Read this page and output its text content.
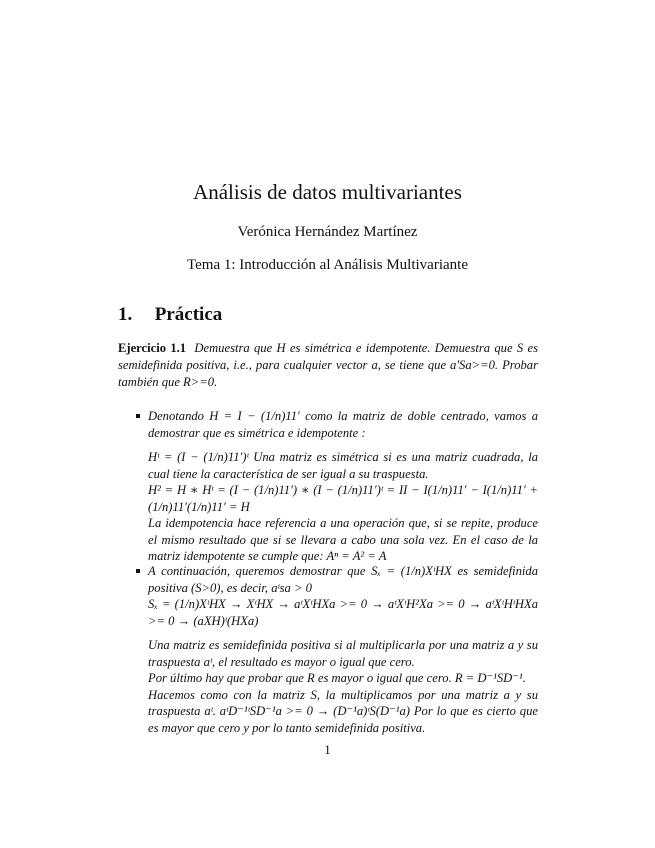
Análisis de datos multivariantes
Verónica Hernández Martínez
Tema 1: Introducción al Análisis Multivariante
1. Práctica
Ejercicio 1.1 Demuestra que H es simétrica e idempotente. Demuestra que S es semidefinida positiva, i.e., para cualquier vector a, se tiene que a'Sa>=0. Probar también que R>=0.

Denotando H = I − (1/n)11′ como la matriz de doble centrado, vamos a demostrar que es simétrica e idempotente :

Hᵗ = (I − (1/n)11′)ᵗ Una matriz es simétrica si es una matriz cuadrada, la cual tiene la característica de ser igual a su traspuesta.

H² = H ∗ Hᵗ = (I − (1/n)11′) ∗ (I − (1/n)11′)ᵗ = II − I(1/n)11′ − I(1/n)11′ + (1/n)11′(1/n)11′ = H

La idempotencia hace referencia a una operación que, si se repite, produce el mismo resultado que si se llevara a cabo una sola vez. En el caso de la matriz idempotente se cumple que: Aⁿ = A² = A

A continuación, queremos demostrar que Sₓ = (1/n)XᵗHX es semidefinida positiva (S>0), es decir, aᵗsa > 0

Sₓ = (1/n)XᵗHX → XᵗHX → aᵗXᵗHXa >= 0 → aᵗXᵗH²Xa >= 0 → aᵗXᵗHᵗHXa >= 0 → (aXH)ᵗ(HXa)

Una matriz es semidefinida positiva si al multiplicarla por una matriz a y su traspuesta aᵗ, el resultado es mayor o igual que cero.

Por último hay que probar que R es mayor o igual que cero. R = D⁻¹SD⁻¹.

Hacemos como con la matriz S, la multiplicamos por una matriz a y su traspuesta aᵗ. aᵗD⁻¹ᵗSD⁻¹a >= 0 → (D⁻¹a)ᵗS(D⁻¹a) Por lo que es cierto que es mayor que cero y por lo tanto semidefinida positiva.

1
